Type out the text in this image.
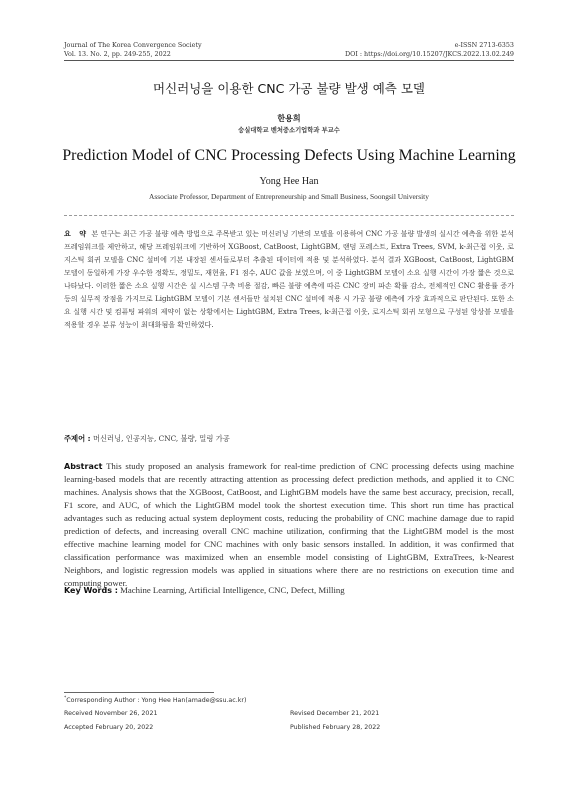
Journal of The Korea Convergence Society
Vol. 13. No. 2, pp. 249-255, 2022
e-ISSN 2713-6353
DOI : https://doi.org/10.15207/JKCS.2022.13.02.249
머신러닝을 이용한 CNC 가공 불량 발생 예측 모델
한용희
숭실대학교 벤처중소기업학과 부교수
Prediction Model of CNC Processing Defects Using Machine Learning
Yong Hee Han
Associate Professor, Department of Entrepreneurship and Small Business, Soongsil University
요 약 본 연구는 최근 가공 불량 예측 방법으로 주목받고 있는 머신러닝 기반의 모델을 이용하여 CNC 가공 불량 발생의 실시간 예측을 위한 분석 프레임워크를 제안하고, 해당 프레임워크에 기반하여 XGBoost, CatBoost, LightGBM, 랜덤 포레스트, Extra Trees, SVM, k-최근접 이웃, 로지스틱 회귀 모델을 CNC 설비에 기본 내장된 센서들로부터 추출된 데이터에 적용 및 분석하였다. 분석 결과 XGBoost, CatBoost, LightGBM 모델이 동일하게 가장 우수한 정확도, 정밀도, 재현율, F1 점수, AUC 값을 보였으며, 이 중 LightGBM 모델이 소요 실행 시간이 가장 짧은 것으로 나타났다. 이러한 짧은 소요 실행 시간은 실 시스템 구축 비용 절감, 빠른 불량 예측에 따른 CNC 장비 파손 확률 감소, 전체적인 CNC 활용률 증가 등의 실무적 장점을 가지므로 LightGBM 모델이 기본 센서들만 설치된 CNC 설비에 적용 시 가공 불량 예측에 가장 효과적으로 판단된다. 또한 소요 실행 시간 및 컴퓨팅 파워의 제약이 없는 상황에서는 LightGBM, Extra Trees, k-최근접 이웃, 로지스틱 회귀 모형으로 구성된 앙상블 모델을 적용할 경우 분류 성능이 최대화됨을 확인하였다.
주제어 : 머신러닝, 인공지능, CNC, 불량, 밀링 가공
Abstract This study proposed an analysis framework for real-time prediction of CNC processing defects using machine learning-based models that are recently attracting attention as processing defect prediction methods, and applied it to CNC machines. Analysis shows that the XGBoost, CatBoost, and LightGBM models have the same best accuracy, precision, recall, F1 score, and AUC, of which the LightGBM model took the shortest execution time. This short run time has practical advantages such as reducing actual system deployment costs, reducing the probability of CNC machine damage due to rapid prediction of defects, and increasing overall CNC machine utilization, confirming that the LightGBM model is the most effective machine learning model for CNC machines with only basic sensors installed. In addition, it was confirmed that classification performance was maximized when an ensemble model consisting of LightGBM, ExtraTrees, k-Nearest Neighbors, and logistic regression models was applied in situations where there are no restrictions on execution time and computing power.
Key Words : Machine Learning, Artificial Intelligence, CNC, Defect, Milling
*Corresponding Author : Yong Hee Han(amade@ssu.ac.kr)
Received November 26, 2021
Accepted February 20, 2022
Revised December 21, 2021
Published February 28, 2022
